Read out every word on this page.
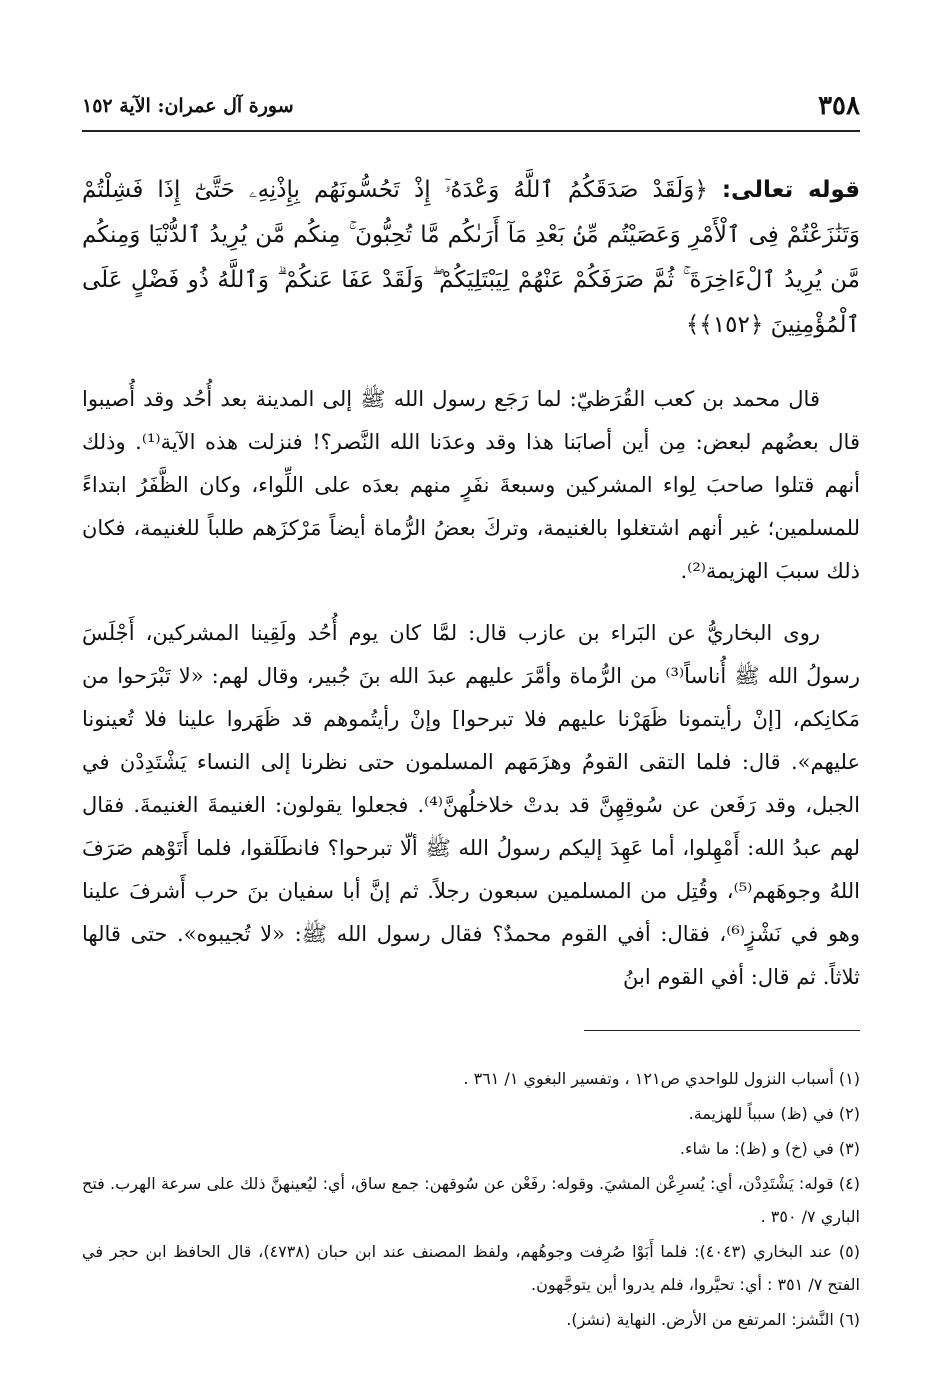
٣٥٨
سورة آل عمران: الآية ١٥٢
قوله تعالى: ﴿وَلَقَدْ صَدَقَكُمُ ٱللَّهُ وَعْدَهُۥٓ إِذْ تَحُسُّونَهُم بِإِذْنِهِۦ حَتَّىٰٓ إِذَا فَشِلْتُمْ وَتَنَٰزَعْتُمْ فِى ٱلْأَمْرِ وَعَصَيْتُم مِّنۢ بَعْدِ مَآ أَرَىٰكُم مَّا تُحِبُّونَ ۚ مِنكُم مَّن يُرِيدُ ٱلدُّنْيَا وَمِنكُم مَّن يُرِيدُ ٱلْءَاخِرَةَ ۚ ثُمَّ صَرَفَكُمْ عَنْهُمْ لِيَبْتَلِيَكُمْ ۖ وَلَقَدْ عَفَا عَنكُمْ ۗ وَٱللَّهُ ذُو فَضْلٍ عَلَى ٱلْمُؤْمِنِينَ ﴿١٥٢﴾﴾

قال محمد بن كعب القُرَظيّ: لما رَجَع رسول الله ﷺ إلى المدينة بعد أُحُد وقد أُصيبوا قال بعضُهم لبعض: مِن أين أصابَنا هذا وقد وعدَنا الله النَّصر؟! فنزلت هذه الآية⁽¹⁾. وذلك أنهم قتلوا صاحبَ لِواء المشركين وسبعةَ نفَرٍ منهم بعدَه على اللِّواء، وكان الظَّفَرُ ابتداءً للمسلمين؛ غير أنهم اشتغلوا بالغنيمة، وتركَ بعضُ الرُّماة أيضاً مَرْكزَهم طلباً للغنيمة، فكان ذلك سببَ الهزيمة⁽²⁾.

روى البخاريُّ عن البَراء بن عازب قال: لمَّا كان يوم أُحُد ولَقِينا المشركين، أَجْلَسَ رسولُ الله ﷺ أُناساً⁽³⁾ من الرُّماة وأمَّرَ عليهم عبدَ الله بنَ جُبير، وقال لهم: «لا تَبْرَحوا من مَكانِكم، [إنْ رأيتمونا ظَهَرْنا عليهم فلا تبرحوا] وإنْ رأيتُموهم قد ظَهَروا علينا فلا تُعينونا عليهم». قال: فلما التقى القومُ وهزَمَهم المسلمون حتى نظرنا إلى النساء يَشْتَدِدْن في الجبل، وقد رَفَعن عن سُوقِهِنَّ قد بدتْ خلاخلُهنَّ⁽⁴⁾. فجعلوا يقولون: الغنيمةَ الغنيمةَ. فقال لهم عبدُ الله: أَمْهِلوا، أما عَهِدَ إليكم رسولُ الله ﷺ ألّا تبرحوا؟ فانطَلَقوا، فلما أَتَوْهم صَرَفَ اللهُ وجوهَهم⁽⁵⁾، وقُتِل من المسلمين سبعون رجلاً. ثم إنَّ أبا سفيان بنَ حرب أَشرفَ علينا وهو في نَشْزٍ⁽⁶⁾، فقال: أفي القوم محمدٌ؟ فقال رسول الله ﷺ: «لا تُجيبوه». حتى قالها ثلاثاً. ثم قال: أفي القوم ابنُ

(١) أسباب النزول للواحدي ص١٢١ ، وتفسير البغوي ١/ ٣٦١ .

(٢) في (ظ) سبباً للهزيمة.

(٣) في (خ) و (ظ): ما شاء.

(٤) قوله: يَشْتَدِدْن، أي: يُسرِعْن المشيَ. وقوله: رفَعْن عن سُوقهن: جمع ساق، أي: ليُعينهنَّ ذلك على سرعة الهرب. فتح الباري ٧/ ٣٥٠ .

(٥) عند البخاري (٤٠٤٣): فلما أَبَوْا صُرِفت وجوهُهم، ولفظ المصنف عند ابن حبان (٤٧٣٨)، قال الحافظ ابن حجر في الفتح ٧/ ٣٥١ : أي: تحيَّروا، فلم يدروا أين يتوجَّهون.

(٦) النَّشز: المرتفع من الأرض. النهاية (نشز).
